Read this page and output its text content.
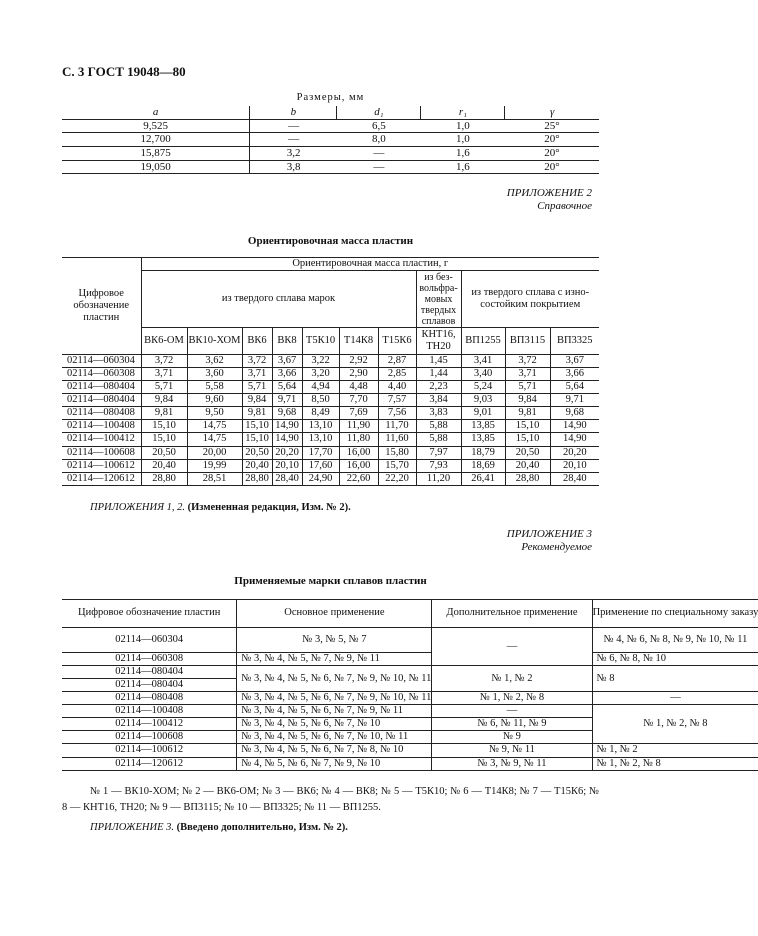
С. 3 ГОСТ 19048—80
Размеры, мм
a	b	d₁	r₁	γ
9,525	—	6,5	1,0	25°
12,700	—	8,0	1,0	20°
15,875	3,2	—	1,6	20°
19,050	3,8	—	1,6	20°
ПРИЛОЖЕНИЕ 2
Справочное
Ориентировочная масса пластин
Цифровое обозначение пластин	Ориентировочная масса пластин, г										
	из твердого сплава марок							из без- вольфра- мовых твердых сплавов	из твердого сплава с изно- состойким покрытием		
	ВК6-ОМ	ВК10-ХОМ	ВК6	ВК8	Т5К10	Т14К8	Т15К6	КНТ16, ТН20	ВП1255	ВП3115	ВП3325
02114—060304	3,72	3,62	3,72	3,67	3,22	2,92	2,87	1,45	3,41	3,72	3,67
02114—060308	3,71	3,60	3,71	3,66	3,20	2,90	2,85	1,44	3,40	3,71	3,66
02114—080404	5,71	5,58	5,71	5,64	4,94	4,48	4,40	2,23	5,24	5,71	5,64
02114—080404	9,84	9,60	9,84	9,71	8,50	7,70	7,57	3,84	9,03	9,84	9,71
02114—080408	9,81	9,50	9,81	9,68	8,49	7,69	7,56	3,83	9,01	9,81	9,68
02114—100408	15,10	14,75	15,10	14,90	13,10	11,90	11,70	5,88	13,85	15,10	14,90
02114—100412	15,10	14,75	15,10	14,90	13,10	11,80	11,60	5,88	13,85	15,10	14,90
02114—100608	20,50	20,00	20,50	20,20	17,70	16,00	15,80	7,97	18,79	20,50	20,20
02114—100612	20,40	19,99	20,40	20,10	17,60	16,00	15,70	7,93	18,69	20,40	20,10
02114—120612	28,80	28,51	28,80	28,40	24,90	22,60	22,20	11,20	26,41	28,80	28,40
ПРИЛОЖЕНИЯ 1, 2. (Измененная редакция, Изм. № 2).
ПРИЛОЖЕНИЕ 3
Рекомендуемое
Применяемые марки сплавов пластин
Цифровое обозначение пластин	Основное применение	Дополнительное применение	Применение по специальному заказу
02114—060304	№ 3, № 5, № 7	—	№ 4, № 6, № 8, № 9, № 10, № 11
02114—060308	№ 3, № 4, № 5, № 7, № 9, № 11		№ 6, № 8, № 10
02114—080404	№ 3, № 4, № 5, № 6, № 7, № 9, № 10, № 11	№ 1, № 2	№ 8
02114—080404			
02114—080408	№ 3, № 4, № 5, № 6, № 7, № 9, № 10, № 11	№ 1, № 2, № 8	—
02114—100408	№ 3, № 4, № 5, № 6, № 7, № 9, № 11	—	№ 1, № 2, № 8
02114—100412	№ 3, № 4, № 5, № 6, № 7, № 10	№ 6, № 11, № 9	
02114—100608	№ 3, № 4, № 5, № 6, № 7, № 10, № 11	№ 9	
02114—100612	№ 3, № 4, № 5, № 6, № 7, № 8, № 10	№ 9, № 11	№ 1, № 2
02114—120612	№ 4, № 5, № 6, № 7, № 9, № 10	№ 3, № 9, № 11	№ 1, № 2, № 8
№ 1 — ВК10-ХОМ; № 2 — ВК6-ОМ; № 3 — ВК6; № 4 — ВК8; № 5 — Т5К10; № 6 — Т14К8; № 7 — Т15К6; № 8 — КНТ16, ТН20; № 9 — ВП3115; № 10 — ВП3325; № 11 — ВП1255.
ПРИЛОЖЕНИЕ 3. (Введено дополнительно, Изм. № 2).
